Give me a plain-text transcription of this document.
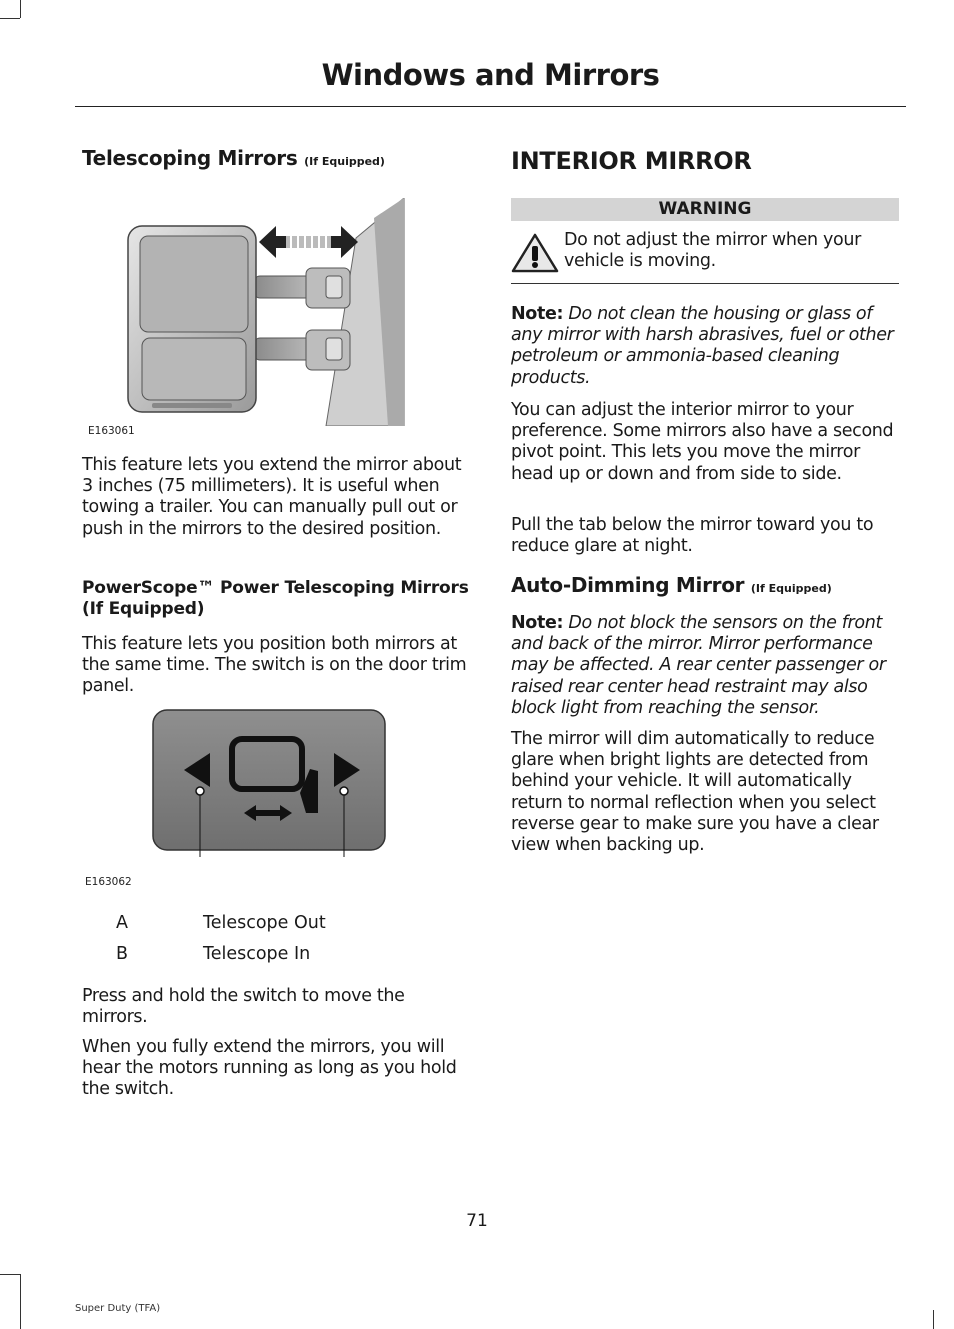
Windows and Mirrors
Telescoping Mirrors (If Equipped)
E163061

This feature lets you extend the mirror about 3 inches (75 millimeters). It is useful when towing a trailer. You can manually pull out or push in the mirrors to the desired position.

PowerScope™ Power Telescoping Mirrors (If Equipped)

This feature lets you position both mirrors at the same time. The switch is on the door trim panel.

E163062
A	Telescope Out
B	Telescope In

Press and hold the switch to move the mirrors.

When you fully extend the mirrors, you will hear the motors running as long as you hold the switch.

INTERIOR MIRROR
WARNING

Do not adjust the mirror when your vehicle is moving.

Note: Do not clean the housing or glass of any mirror with harsh abrasives, fuel or other petroleum or ammonia-based cleaning products.

You can adjust the interior mirror to your preference. Some mirrors also have a second pivot point. This lets you move the mirror head up or down and from side to side.

Pull the tab below the mirror toward you to reduce glare at night.

Auto-Dimming Mirror (If Equipped)

Note: Do not block the sensors on the front and back of the mirror. Mirror performance may be affected. A rear center passenger or raised rear center head restraint may also block light from reaching the sensor.

The mirror will dim automatically to reduce glare when bright lights are detected from behind your vehicle. It will automatically return to normal reflection when you select reverse gear to make sure you have a clear view when backing up.

71
Super Duty (TFA)
